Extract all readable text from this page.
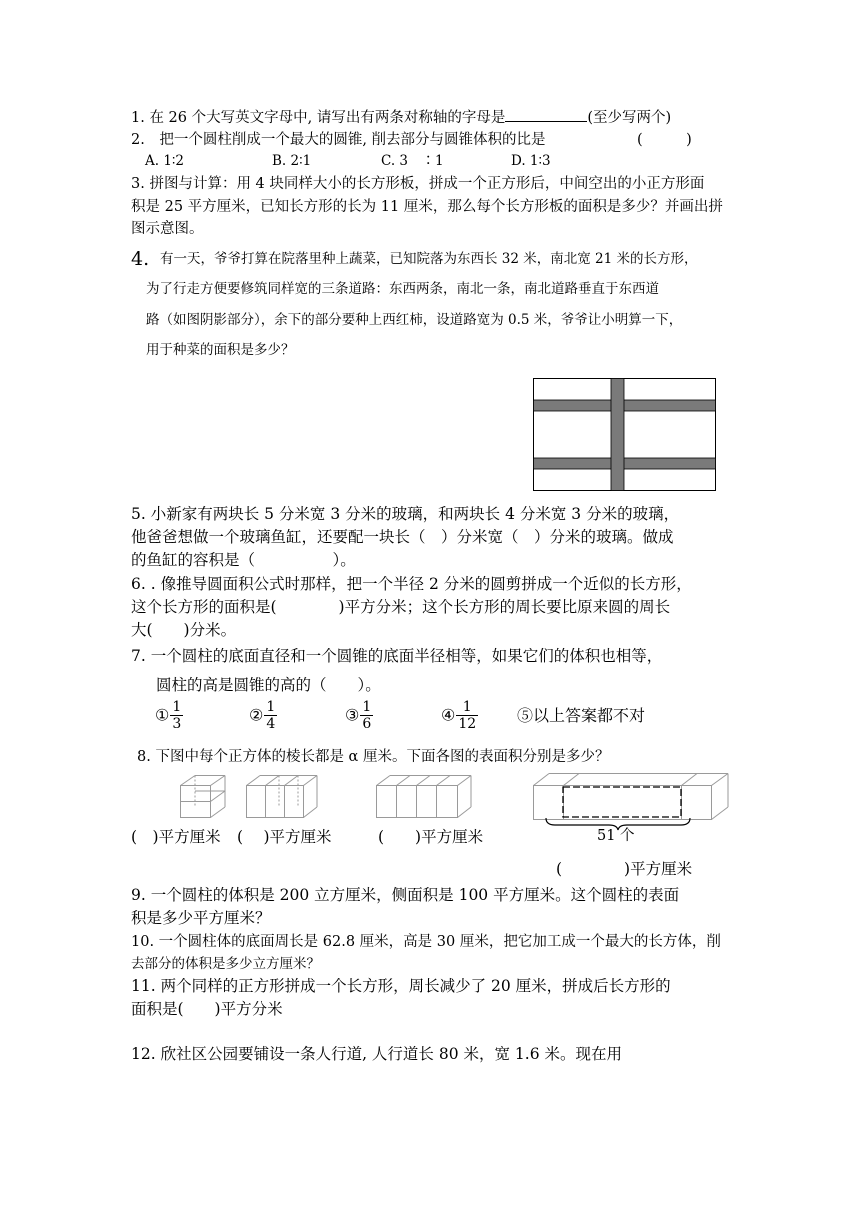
1. 在 26 个大写英文字母中, 请写出有两条对称轴的字母是	(至少写两个)
2.　把一个圆柱削成一个最大的圆锥, 削去部分与圆锥体积的比是	(　　　)
A. 1∶2	B. 2∶1	C. 3　∶1	D. 1∶3
3. 拼图与计算：用 4 块同样大小的长方形板，拼成一个正方形后，中间空出的小正方形面
积是 25 平方厘米，已知长方形的长为 11 厘米，那么每个长方形板的面积是多少？并画出拼
图示意图。
4. 有一天，爷爷打算在院落里种上蔬菜，已知院落为东西长 32 米，南北宽 21 米的长方形，
为了行走方便要修筑同样宽的三条道路：东西两条，南北一条，南北道路垂直于东西道
路（如图阴影部分），余下的部分要种上西红柿，设道路宽为 0.5 米，爷爷让小明算一下，
用于种菜的面积是多少？
5. 小新家有两块长 5 分米宽 3 分米的玻璃，和两块长 4 分米宽 3 分米的玻璃，
他爸爸想做一个玻璃鱼缸，还要配一块长（　）分米宽（　）分米的玻璃。做成
的鱼缸的容积是（　　　　　）。
6. . 像推导圆面积公式时那样，把一个半径 2 分米的圆剪拼成一个近似的长方形，
这个长方形的面积是(　　　　)平方分米；这个长方形的周长要比原来圆的周长
大(　　)分米。
7. 一个圆柱的底面直径和一个圆锥的底面半径相等，如果它们的体积也相等，
圆柱的高是圆锥的高的（　　）。
① $\frac{1}{3}$	② $\frac{1}{4}$	③ $\frac{1}{6}$	④ $\frac{1}{12}$ ⑤以上答案都不对
8. 下图中每个正方体的棱长都是 α 厘米。下面各图的表面积分别是多少？
51 个
(　)平方厘米 (　 )平方厘米	(　　)平方厘米
(　　　　)平方厘米
9. 一个圆柱的体积是 200 立方厘米，侧面积是 100 平方厘米。这个圆柱的表面
积是多少平方厘米？
10. 一个圆柱体的底面周长是 62.8 厘米，高是 30 厘米，把它加工成一个最大的长方体，削
去部分的体积是多少立方厘米？
11. 两个同样的正方形拼成一个长方形，周长减少了 20 厘米，拼成后长方形的
面积是(　　)平方分米
12. 欣社区公园要铺设一条人行道, 人行道长 80 米，宽 1.6 米。现在用
